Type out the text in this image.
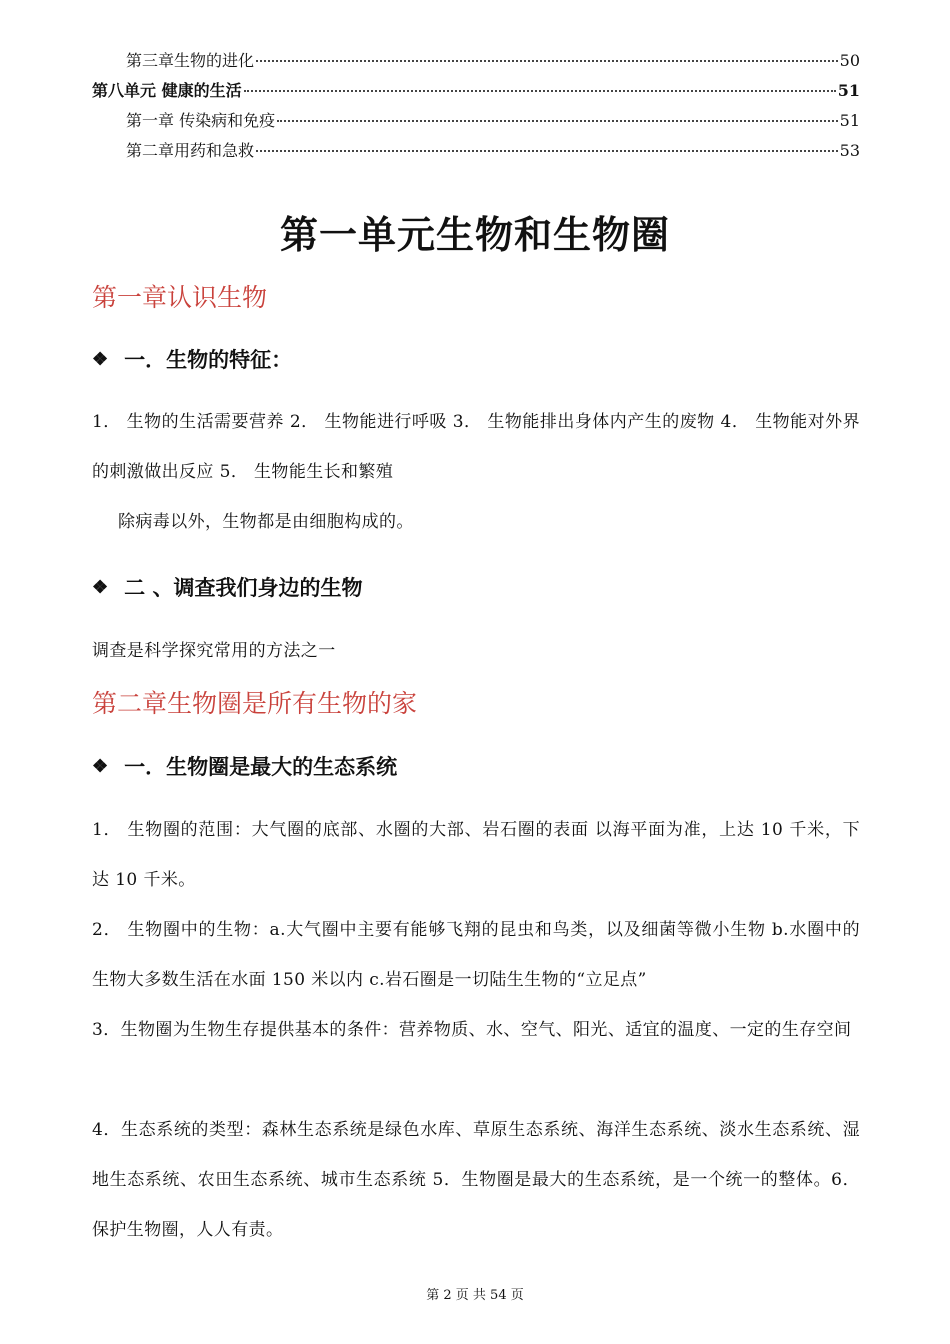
第三章生物的进化	50
第八单元 健康的生活	51
第一章 传染病和免疫	51
第二章用药和急救	53
第一单元生物和生物圈
第一章认识生物
❖ 一．生物的特征：
1． 生物的生活需要营养 2． 生物能进行呼吸 3． 生物能排出身体内产生的废物 4． 生物能对外界的刺激做出反应 5． 生物能生长和繁殖
除病毒以外，生物都是由细胞构成的。
❖ 二 、调查我们身边的生物
调查是科学探究常用的方法之一
第二章生物圈是所有生物的家
❖ 一．生物圈是最大的生态系统
1． 生物圈的范围：大气圈的底部、水圈的大部、岩石圈的表面 以海平面为准，上达 10 千米，下达 10 千米。
2． 生物圈中的生物：a.大气圈中主要有能够飞翔的昆虫和鸟类，以及细菌等微小生物 b.水圈中的生物大多数生活在水面 150 米以内 c.岩石圈是一切陆生生物的“立足点”
3．生物圈为生物生存提供基本的条件：营养物质、水、空气、阳光、适宜的温度、一定的生存空间
4．生态系统的类型：森林生态系统是绿色水库、草原生态系统、海洋生态系统、淡水生态系统、湿地生态系统、农田生态系统、城市生态系统 5．生物圈是最大的生态系统，是一个统一的整体。6．保护生物圈，人人有责。
第 2 页 共 54 页
